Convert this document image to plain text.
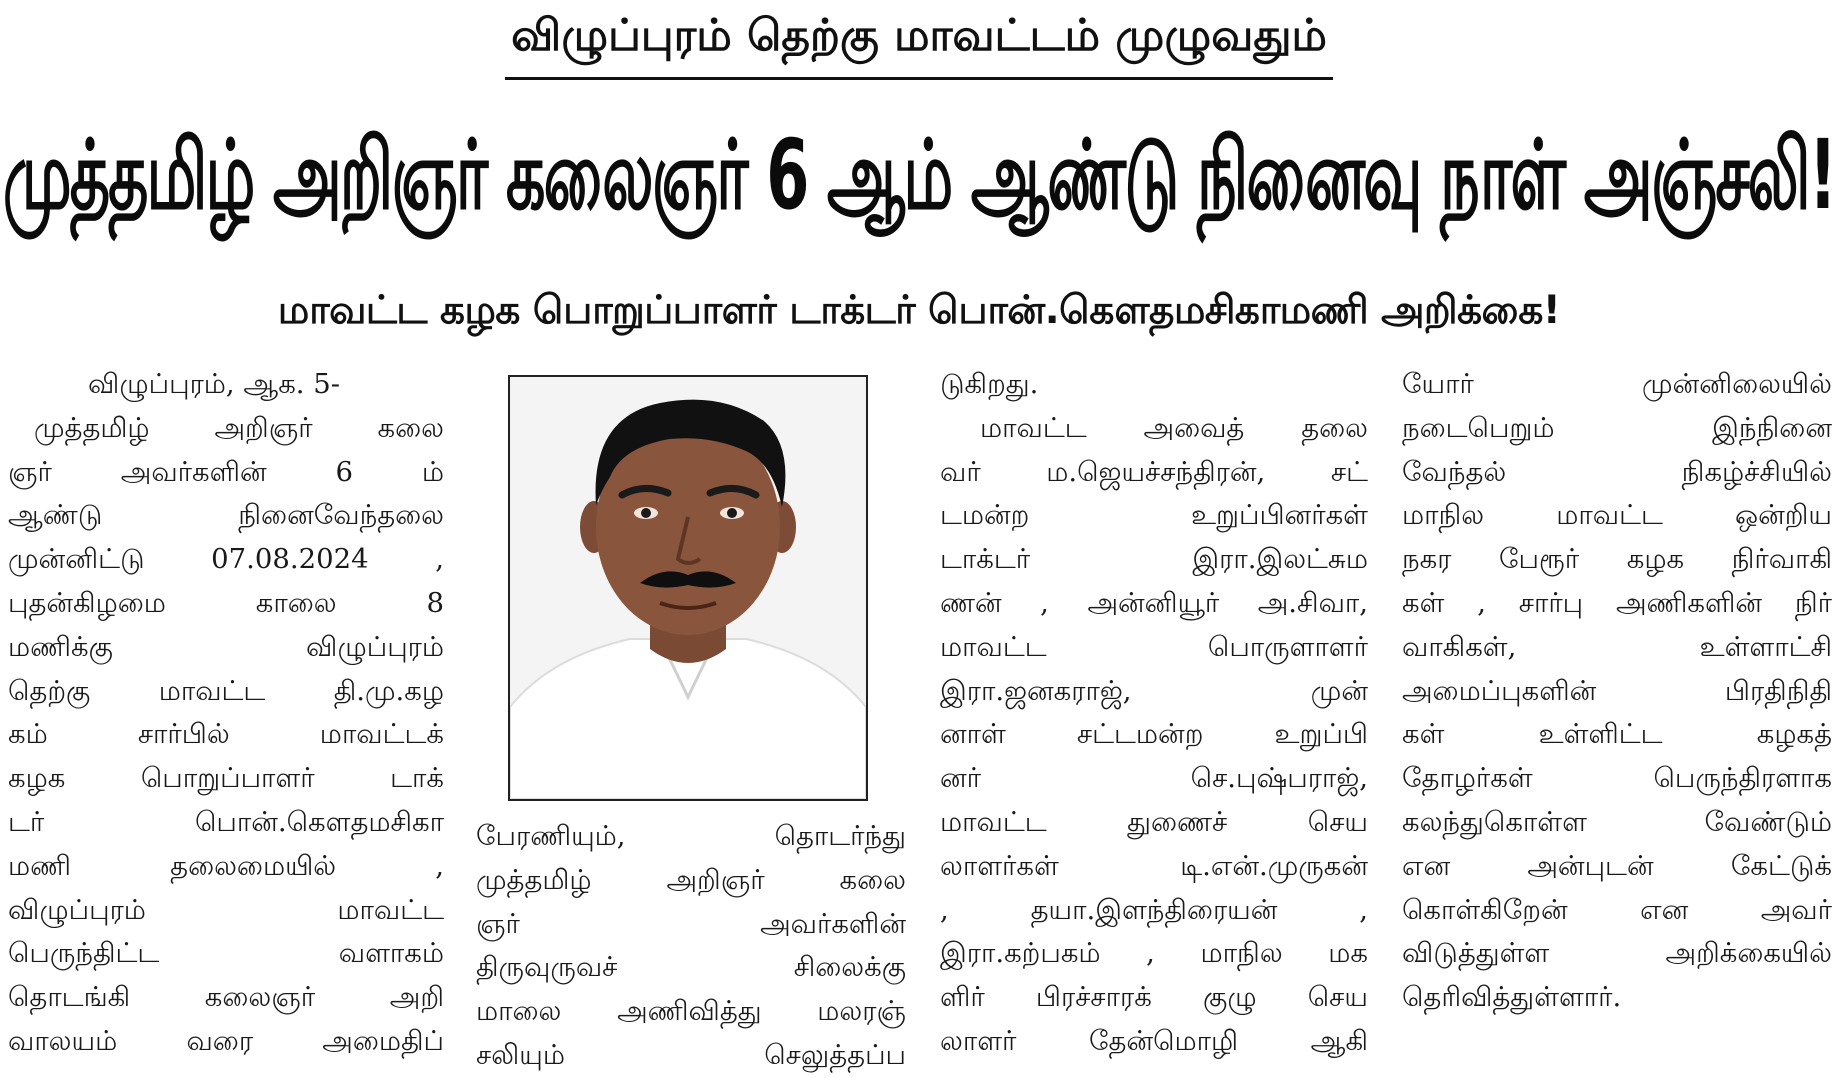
விழுப்புரம் தெற்கு மாவட்டம் முழுவதும்
முத்தமிழ் அறிஞர் கலைஞர் 6 ஆம் ஆண்டு நினைவு நாள் அஞ்சலி!
மாவட்ட கழக பொறுப்பாளர் டாக்டர் பொன்.கௌதமசிகாமணி அறிக்கை!
விழுப்புரம், ஆக. 5-
முத்தமிழ் அறிஞர் கலை
ஞர் அவர்களின் 6 ம்
ஆண்டு நினைவேந்தலை
முன்னிட்டு 07.08.2024 ,
புதன்கிழமை காலை 8
மணிக்கு விழுப்புரம்
தெற்கு மாவட்ட தி.மு.கழ
கம் சார்பில் மாவட்டக்
கழக பொறுப்பாளர் டாக்
டர் பொன்.கௌதமசிகா
மணி தலைமையில் ,
விழுப்புரம் மாவட்ட
பெருந்திட்ட வளாகம்
தொடங்கி கலைஞர் அறி
வாலயம் வரை அமைதிப்
பேரணியும், தொடர்ந்து
முத்தமிழ் அறிஞர் கலை
ஞர் அவர்களின்
திருவுருவச் சிலைக்கு
மாலை அணிவித்து மலரஞ்
சலியும் செலுத்தப்ப
டுகிறது.
மாவட்ட அவைத் தலை
வர் ம.ஜெயச்சந்திரன், சட்
டமன்ற உறுப்பினர்கள்
டாக்டர் இரா.இலட்சும
ணன் , அன்னியூர் அ.சிவா,
மாவட்ட பொருளாளர்
இரா.ஜனகராஜ், முன்
னாள் சட்டமன்ற உறுப்பி
னர் செ.புஷ்பராஜ்,
மாவட்ட துணைச் செய
லாளர்கள் டி.என்.முருகன்
, தயா.இளந்திரையன் ,
இரா.கற்பகம் , மாநில மக
ளிர் பிரச்சாரக் குழு செய
லாளர் தேன்மொழி ஆகி
யோர் முன்னிலையில்
நடைபெறும் இந்நினை
வேந்தல் நிகழ்ச்சியில்
மாநில மாவட்ட ஒன்றிய
நகர பேரூர் கழக நிர்வாகி
கள் , சார்பு அணிகளின் நிர்
வாகிகள், உள்ளாட்சி
அமைப்புகளின் பிரதிநிதி
கள் உள்ளிட்ட கழகத்
தோழர்கள் பெருந்திரளாக
கலந்துகொள்ள வேண்டும்
என அன்புடன் கேட்டுக்
கொள்கிறேன் என அவர்
விடுத்துள்ள அறிக்கையில்
தெரிவித்துள்ளார்.
